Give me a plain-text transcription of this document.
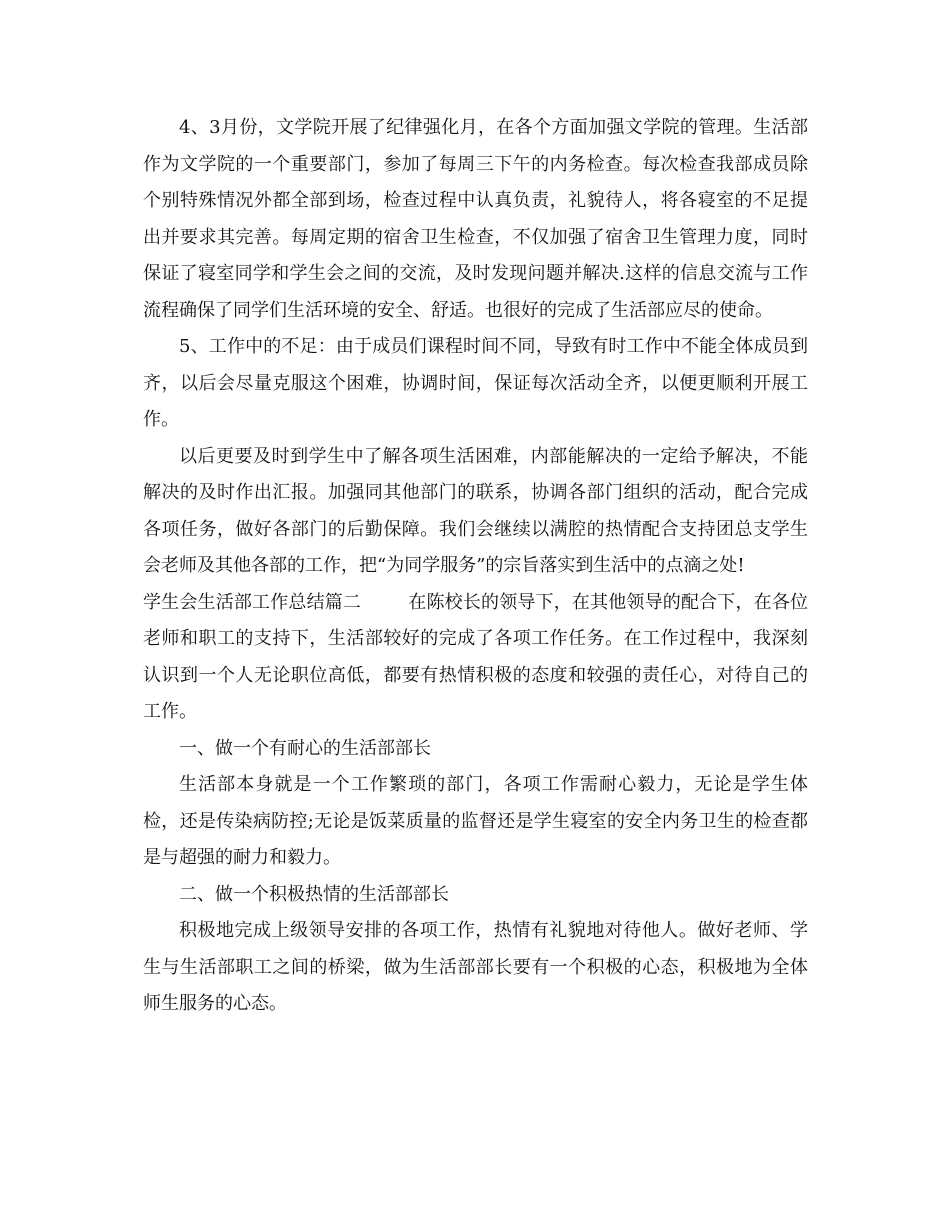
4、3月份，文学院开展了纪律强化月，在各个方面加强文学院的管理。生活部作为文学院的一个重要部门，参加了每周三下午的内务检查。每次检查我部成员除个别特殊情况外都全部到场，检查过程中认真负责，礼貌待人，将各寝室的不足提出并要求其完善。每周定期的宿舍卫生检查，不仅加强了宿舍卫生管理力度，同时保证了寝室同学和学生会之间的交流，及时发现问题并解决.这样的信息交流与工作流程确保了同学们生活环境的安全、舒适。也很好的完成了生活部应尽的使命。

5、工作中的不足：由于成员们课程时间不同，导致有时工作中不能全体成员到齐，以后会尽量克服这个困难，协调时间，保证每次活动全齐，以便更顺利开展工作。

以后更要及时到学生中了解各项生活困难，内部能解决的一定给予解决，不能解决的及时作出汇报。加强同其他部门的联系，协调各部门组织的活动，配合完成各项任务，做好各部门的后勤保障。我们会继续以满腔的热情配合支持团总支学生会老师及其他各部的工作，把“为同学服务”的宗旨落实到生活中的点滴之处!

学生会生活部工作总结篇二	在陈校长的领导下，在其他领导的配合下，在各位老师和职工的支持下，生活部较好的完成了各项工作任务。在工作过程中，我深刻认识到一个人无论职位高低，都要有热情积极的态度和较强的责任心，对待自己的工作。

一、做一个有耐心的生活部部长

生活部本身就是一个工作繁琐的部门，各项工作需耐心毅力，无论是学生体检，还是传染病防控;无论是饭菜质量的监督还是学生寝室的安全内务卫生的检查都是与超强的耐力和毅力。

二、做一个积极热情的生活部部长

积极地完成上级领导安排的各项工作，热情有礼貌地对待他人。做好老师、学生与生活部职工之间的桥梁，做为生活部部长要有一个积极的心态，积极地为全体师生服务的心态。
